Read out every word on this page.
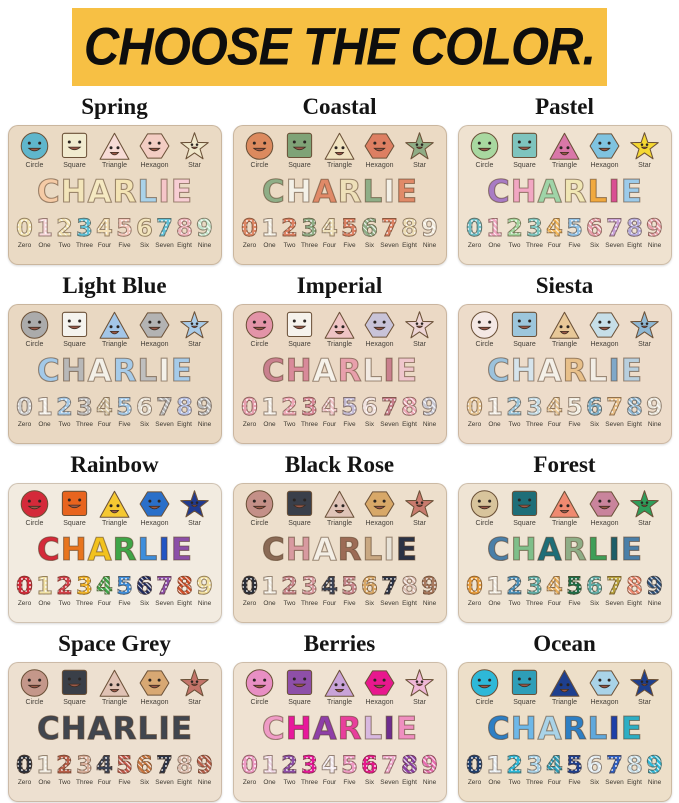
CHOOSE THE COLOR.
Spring
Circle	Square Triangle Hexagon	Star
C H A R L I E
0
Zero
1
One
2
Two
3
Three
4
Four
5
Five
6
Six
7
Seven
8
Eight
9
Nine
Coastal
Circle	Square Triangle Hexagon	Star
C H A R L I E
0
Zero
1
One
2
Two
3
Three
4
Four
5
Five
6
Six
7
Seven
8
Eight
9
Nine
Pastel
Circle	Square Triangle Hexagon	Star
C H A R L I E
0
Zero
1
One
2
Two
3
Three
4
Four
5
Five
6
Six
7
Seven
8
Eight
9
Nine
Light Blue
Circle	Square Triangle Hexagon	Star
C H A R L I E
0
Zero
1
One
2
Two
3
Three
4
Four
5
Five
6
Six
7
Seven
8
Eight
9
Nine
Imperial
Circle	Square Triangle Hexagon	Star
C H A R L I E
0
Zero
1
One
2
Two
3
Three
4
Four
5
Five
6
Six
7
Seven
8
Eight
9
Nine
Siesta
Circle	Square Triangle Hexagon	Star
C H A R L I E
0
Zero
1
One
2
Two
3
Three
4
Four
5
Five
6
Six
7
Seven
8
Eight
9
Nine
Rainbow
Circle	Square Triangle Hexagon	Star
C H A R L I E
0
Zero
1
One
2
Two
3
Three
4
Four
5
Five
6
Six
7
Seven
8
Eight
9
Nine
Black Rose
Circle	Square Triangle Hexagon	Star
C H A R L I E
0
Zero
1
One
2
Two
3
Three
4
Four
5
Five
6
Six
7
Seven
8
Eight
9
Nine
Forest
Circle	Square Triangle Hexagon	Star
C H A R L I E
0
Zero
1
One
2
Two
3
Three
4
Four
5
Five
6
Six
7
Seven
8
Eight
9
Nine
Space Grey
Circle	Square Triangle Hexagon	Star
C H A R L I E
0
Zero
1
One
2
Two
3
Three
4
Four
5
Five
6
Six
7
Seven
8
Eight
9
Nine
Berries
Circle	Square Triangle Hexagon	Star
C H A R L I E
0
Zero
1
One
2
Two
3
Three
4
Four
5
Five
6
Six
7
Seven
8
Eight
9
Nine
Ocean
Circle	Square Triangle Hexagon	Star
C H A R L I E
0
Zero
1
One
2
Two
3
Three
4
Four
5
Five
6
Six
7
Seven
8
Eight
9
Nine
